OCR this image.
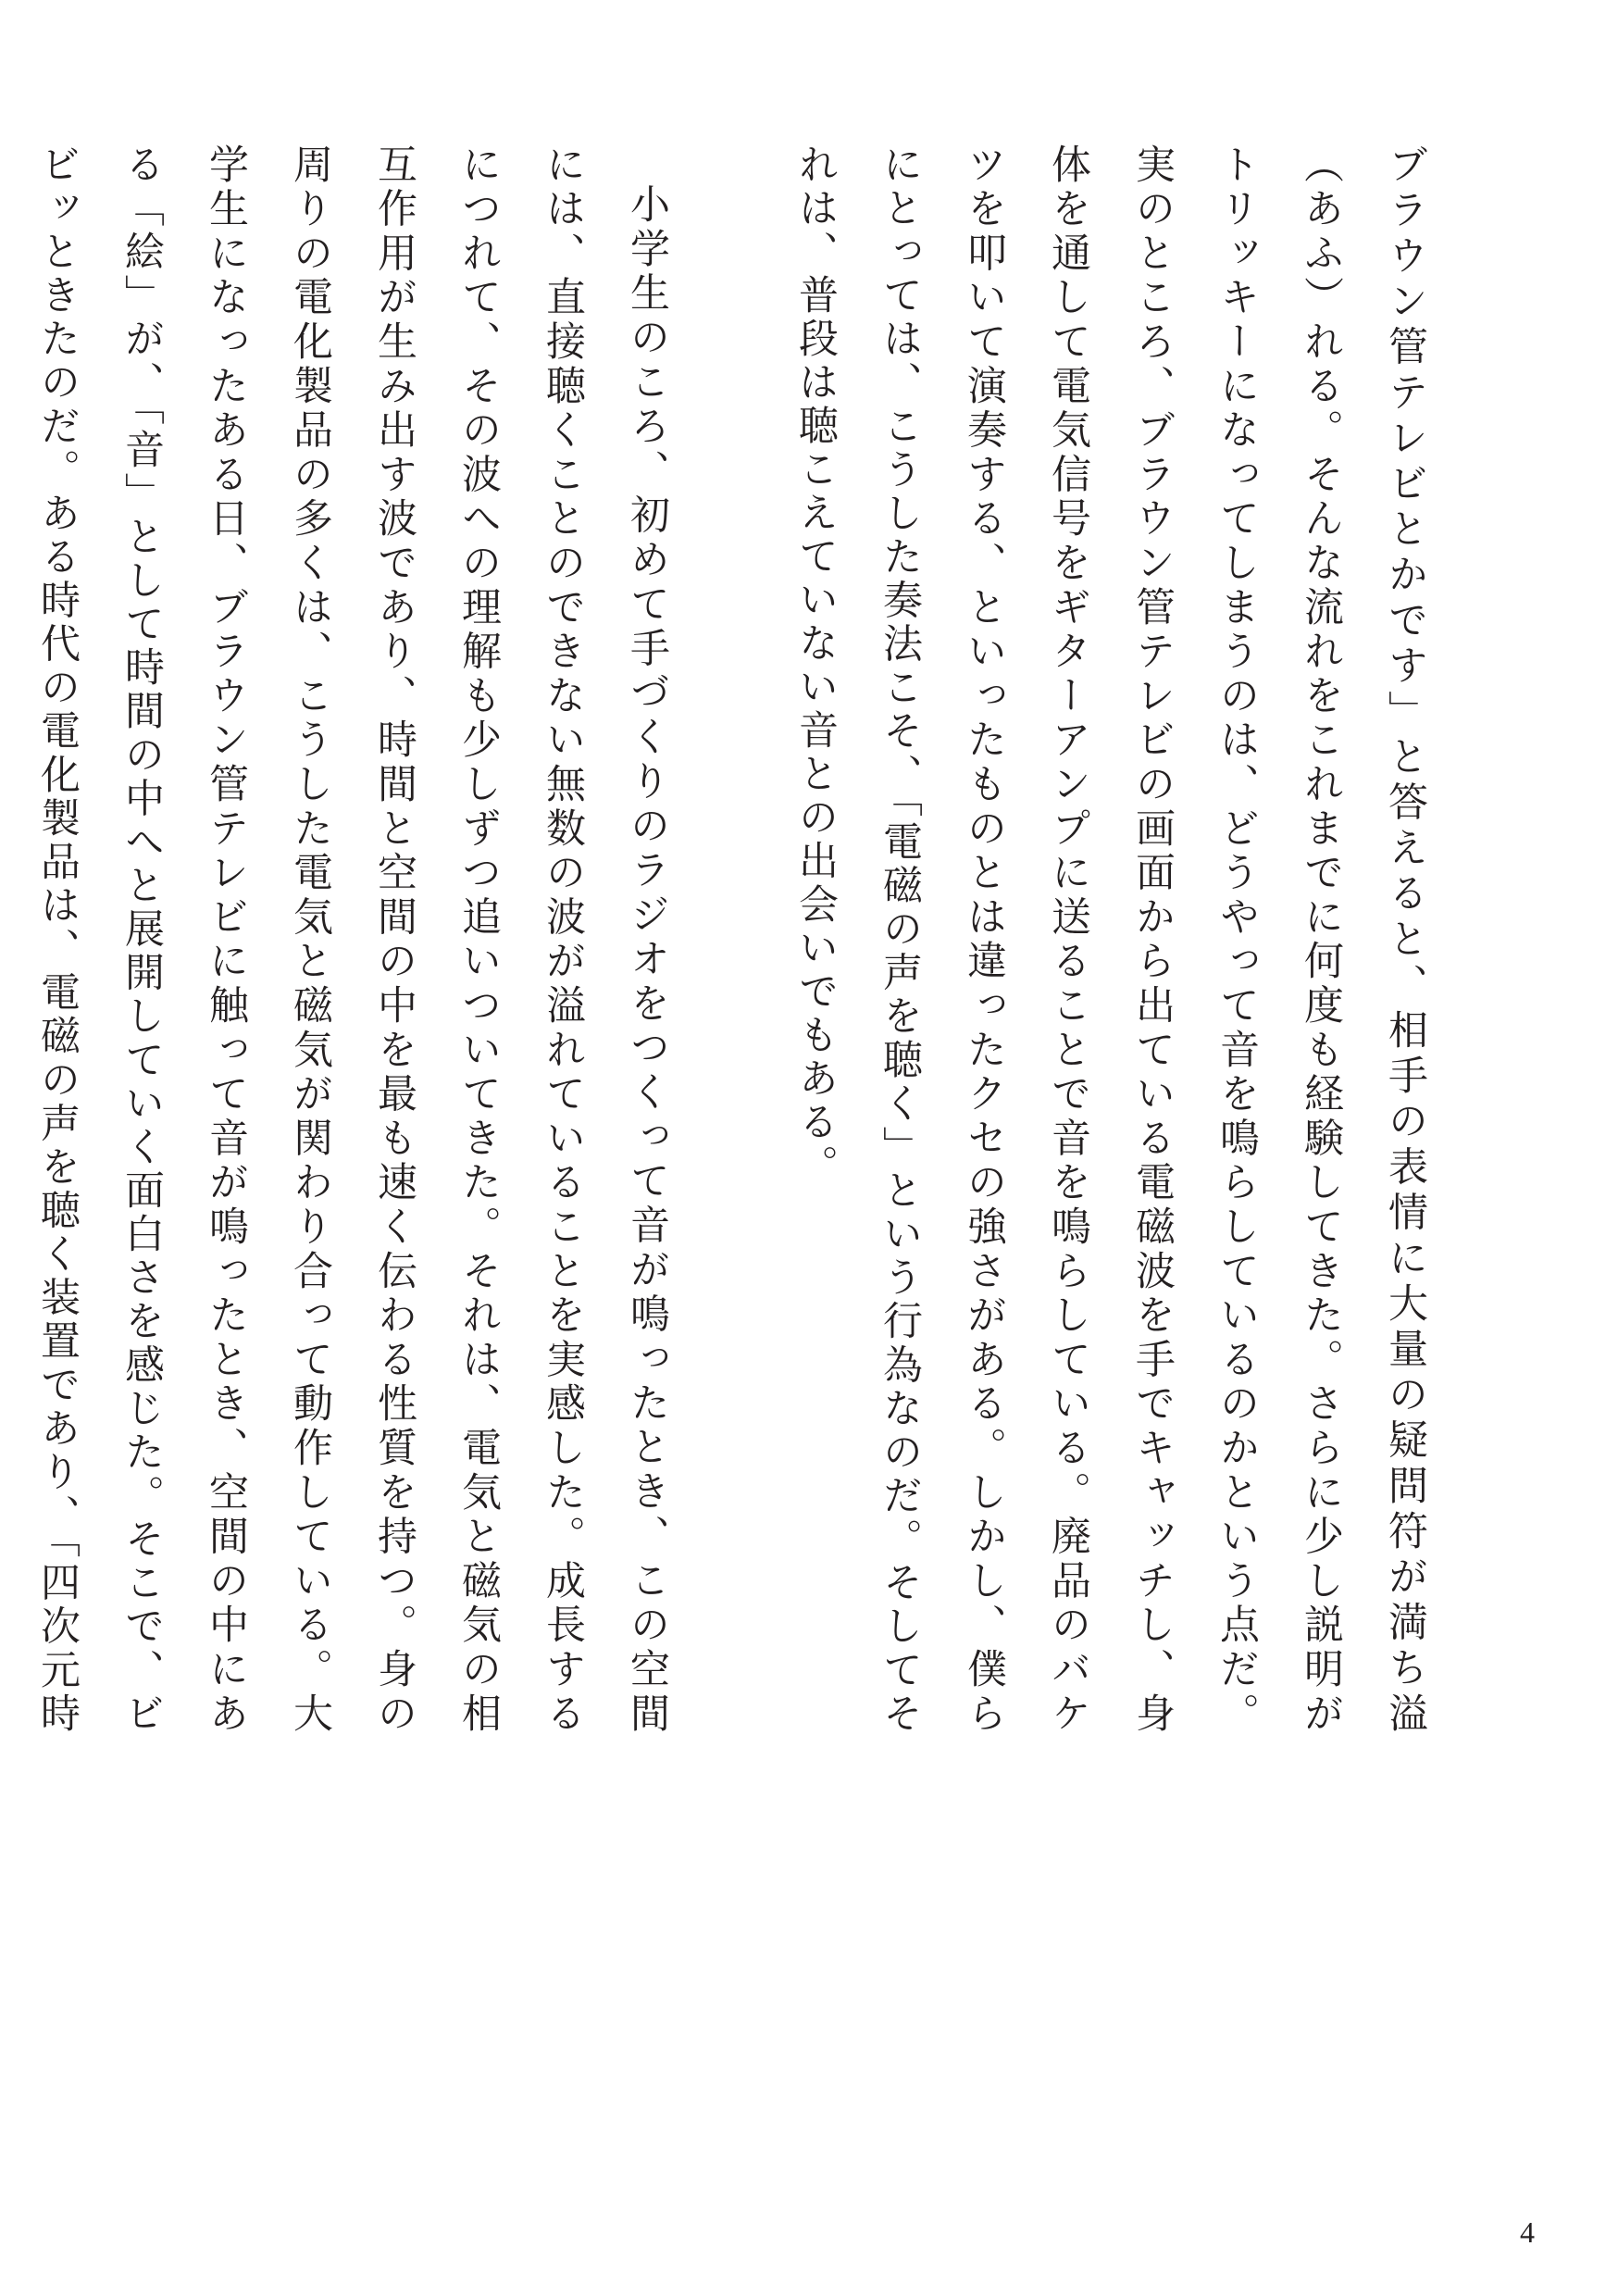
ブラウン管テレビとかです」と答えると、相手の表情に大量の疑問符が満ち溢（あふ）れる。そんな流れをこれまでに何度も経験してきた。さらに少し説明がトリッキーになってしまうのは、どうやって音を鳴らしているのかという点だ。実のところ、ブラウン管テレビの画面から出ている電磁波を手でキャッチし、身体を通して電気信号をギターアンプに送ることで音を鳴らしている。廃品のバケツを叩いて演奏する、といったものとは違ったクセの強さがある。しかし、僕らにとっては、こうした奏法こそ、「電磁の声を聴く」という行為なのだ。そしてそれは、普段は聴こえていない音との出会いでもある。

小学生のころ、初めて手づくりのラジオをつくって音が鳴ったとき、この空間には、直接聴くことのできない無数の波が溢れていることを実感した。成長するにつれて、その波への理解も少しずつ追いついてきた。それは、電気と磁気の相互作用が生み出す波であり、時間と空間の中を最も速く伝わる性質を持つ。身の周りの電化製品の多くは、こうした電気と磁気が関わり合って動作している。大学生になったある日、ブラウン管テレビに触って音が鳴ったとき、空間の中にある「絵」が、「音」として時間の中へと展開していく面白さを感じた。そこで、ビビッときたのだ。ある時代の電化製品は、電磁の声を聴く装置であり、「四次元時

4
